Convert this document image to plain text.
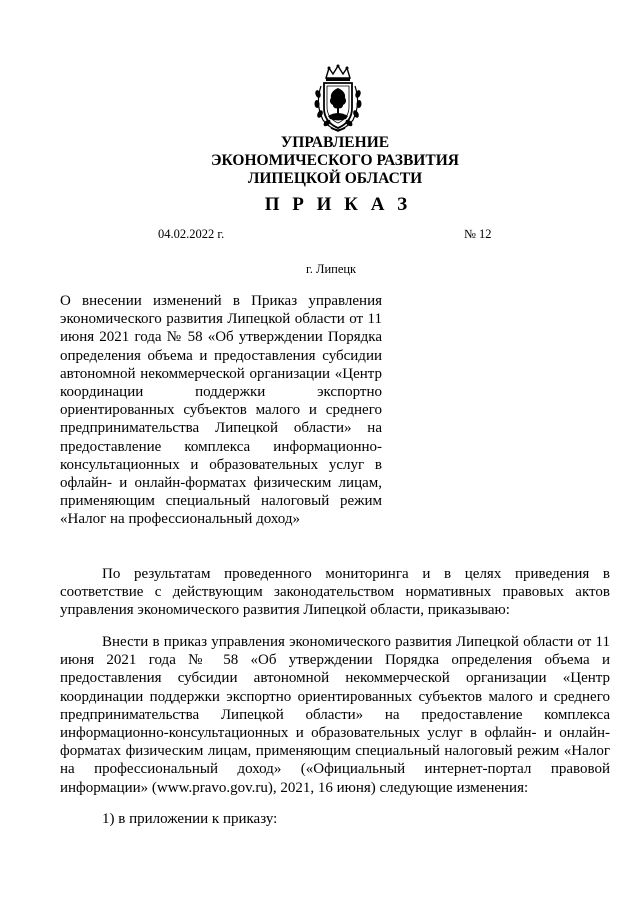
УПРАВЛЕНИЕ
ЭКОНОМИЧЕСКОГО РАЗВИТИЯ
ЛИПЕЦКОЙ ОБЛАСТИ
П Р И К А З
04.02.2022 г.	№ 12
г. Липецк
О внесении изменений в Приказ управления экономического развития Липецкой области от 11 июня 2021 года № 58 «Об утверждении Порядка определения объема и предоставления субсидии автономной некоммерческой организации «Центр координации поддержки экспортно ориентированных субъектов малого и среднего предпринимательства Липецкой области» на предоставление комплекса информационно-консультационных и образовательных услуг в офлайн- и онлайн-форматах физическим лицам, применяющим специальный налоговый режим «Налог на профессиональный доход»
По результатам проведенного мониторинга и в целях приведения в соответствие с действующим законодательством нормативных правовых актов управления экономического развития Липецкой области, приказываю:
Внести в приказ управления экономического развития Липецкой области от 11 июня 2021 года № 58 «Об утверждении Порядка определения объема и предоставления субсидии автономной некоммерческой организации «Центр координации поддержки экспортно ориентированных субъектов малого и среднего предпринимательства Липецкой области» на предоставление комплекса информационно-консультационных и образовательных услуг в офлайн- и онлайн-форматах физическим лицам, применяющим специальный налоговый режим «Налог на профессиональный доход» («Официальный интернет-портал правовой информации» (www.pravo.gov.ru), 2021, 16 июня) следующие изменения:
1) в приложении к приказу:
